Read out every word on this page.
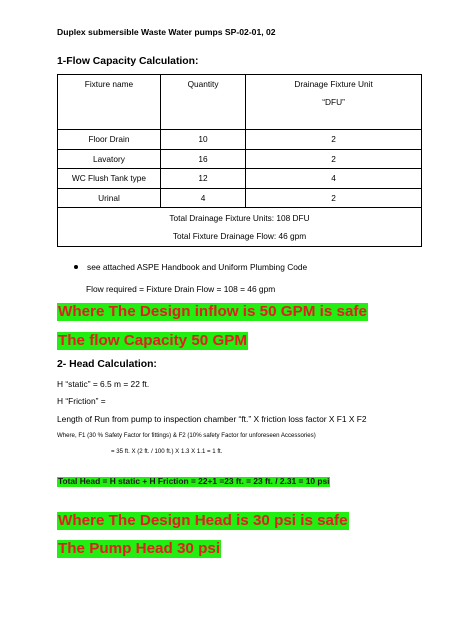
Duplex submersible Waste Water pumps SP-02-01, 02
1-Flow Capacity Calculation:
Fixture name	Quantity	Drainage Fixture Unit
“DFU”

Floor Drain	10	2
Lavatory	16	2
WC Flush Tank type	12	4
Urinal	4	2

Total Drainage Fixture Units: 108 DFU
Total Fixture Drainage Flow: 46 gpm		
see attached ASPE Handbook and Uniform Plumbing Code
Flow required = Fixture Drain Flow = 108 = 46 gpm
Where The Design inflow is 50 GPM is safe
The flow Capacity 50 GPM
2- Head Calculation:
H “static” = 6.5 m = 22 ft.
H “Friction” =
Length of Run from pump to inspection chamber “ft.” X friction loss factor X F1 X F2
Where, F1 (30 % Safety Factor for fittings) & F2 (10% safety Factor for unforeseen Accessories)
= 35 ft. X (2 ft. / 100 ft.) X 1.3 X 1.1 = 1 ft.
Total Head = H static + H Friction = 22+1 =23 ft. = 23 ft. / 2.31 = 10 psi
Where The Design Head is 30 psi is safe
The Pump Head 30 psi
